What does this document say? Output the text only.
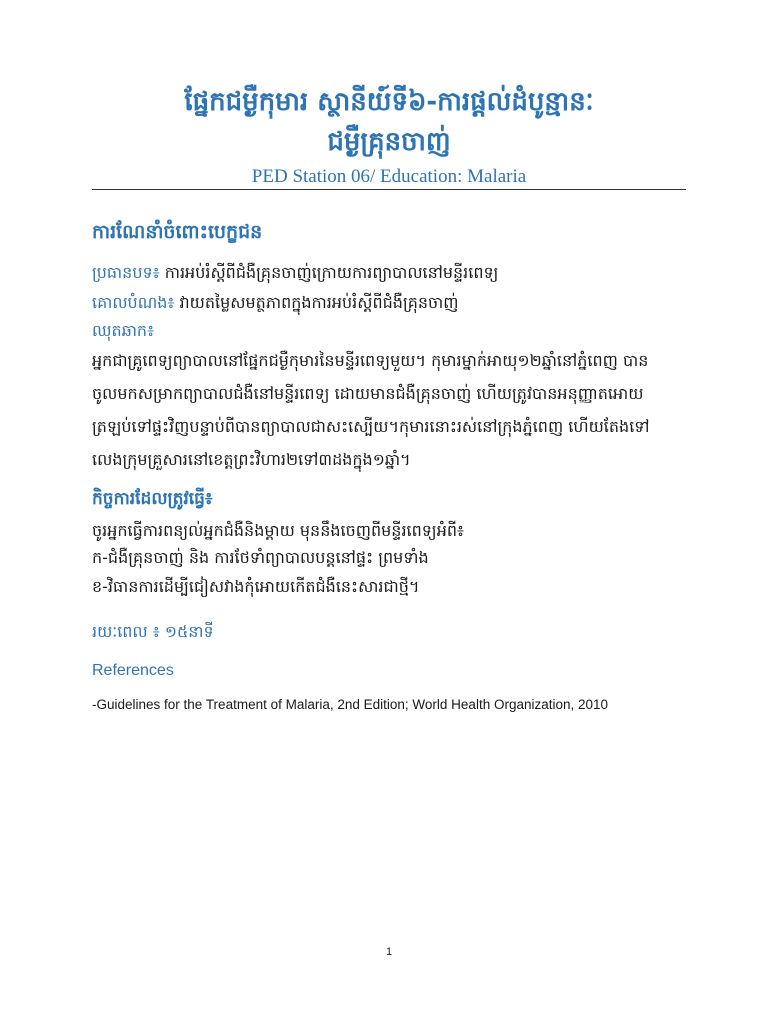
ផ្នែកជម្ងឺកុមារ ស្ថានីយ៍ទី៦-ការផ្តល់ដំបូន្មានៈ
ជម្ងឺគ្រុនចាញ់
PED Station 06/ Education: Malaria
ការណែនាំចំពោះបេក្ខជន
ប្រធានបទ៖ ការអប់រំស្តីពីជំងឺគ្រុនចាញ់ក្រោយការព្យាបាលនៅមន្ទីរពេទ្យ
គោលបំណង៖ វាយតម្លៃសមត្ថភាពក្នុងការអប់រំស្តីពីជំងឺគ្រុនចាញ់
ឈុតឆាក៖
អ្នកជាគ្រូពេទ្យព្យាបាលនៅផ្នែកជម្ងឺកុមារនៃមន្ទីរពេទ្យមួយ។ កុមារម្នាក់អាយុ១២ឆ្នាំនៅភ្នំពេញ បាន
ចូលមកសម្រាកព្យាបាលជំងឺនៅមន្ទីរពេទ្យ ដោយមានជំងឺគ្រុនចាញ់ ហើយត្រូវបានអនុញ្ញាតអោយ
ត្រឡប់ទៅផ្ទះវិញបន្ទាប់ពីបានព្យាបាលជាសះស្បើយ។កុមារនោះរស់នៅក្រុងភ្នំពេញ ហើយតែងទៅ
លេងក្រុមគ្រួសារនៅខេត្តព្រះវិហារ២ទៅ៣ដងក្នុង១ឆ្នាំ។
កិច្ចការដែលត្រូវធ្វើ៖
ចូរអ្នកធ្វើការពន្យល់អ្នកជំងឺនិងម្តាយ មុននឹងចេញពីមន្ទីរពេទ្យអំពី៖
ក-ជំងឺគ្រុនចាញ់ និង ការថែទាំព្យាបាលបន្តនៅផ្ទះ ព្រមទាំង
ខ-វិធានការដើម្បីជៀសវាងកុំអោយកើតជំងឺនេះសារជាថ្មី។
រយៈពេល ៖ ១៥នាទី
References
-Guidelines for the Treatment of Malaria, 2nd Edition; World Health Organization, 2010
1
